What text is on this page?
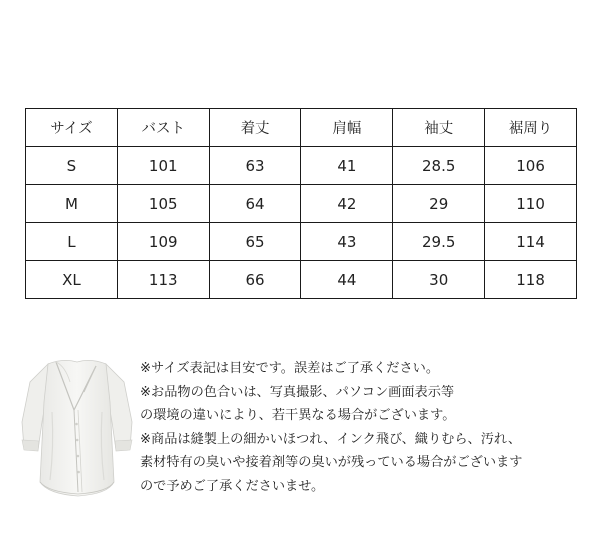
サイズ	バスト	着丈	肩幅	袖丈	裾周り
S	101	63	41	28.5	106
M	105	64	42	29	110
L	109	65	43	29.5	114
XL	113	66	44	30	118
※サイズ表記は目安です。誤差はご了承ください。
※お品物の色合いは、写真撮影、パソコン画面表示等
の環境の違いにより、若干異なる場合がございます。
※商品は縫製上の細かいほつれ、インク飛び、織りむら、汚れ、
素材特有の臭いや接着剤等の臭いが残っている場合がございます
ので予めご了承くださいませ。
